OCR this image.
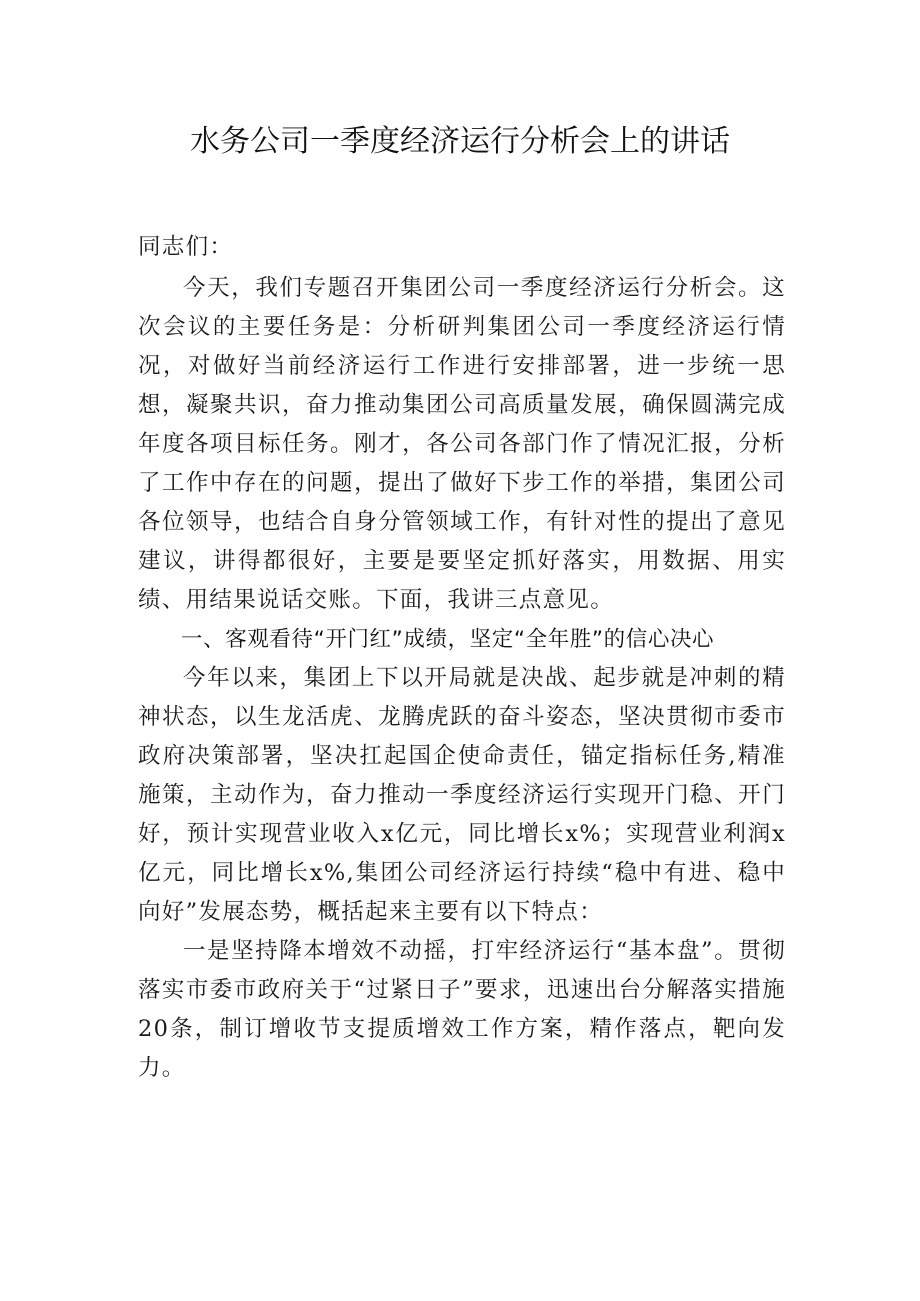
水务公司一季度经济运行分析会上的讲话

同志们：

今天，我们专题召开集团公司一季度经济运行分析会。这次会议的主要任务是：分析研判集团公司一季度经济运行情况，对做好当前经济运行工作进行安排部署，进一步统一思想，凝聚共识，奋力推动集团公司高质量发展，确保圆满完成年度各项目标任务。刚才，各公司各部门作了情况汇报，分析了工作中存在的问题，提出了做好下步工作的举措，集团公司各位领导，也结合自身分管领域工作，有针对性的提出了意见建议，讲得都很好，主要是要坚定抓好落实，用数据、用实绩、用结果说话交账。下面，我讲三点意见。

一、客观看待“开门红”成绩，坚定“全年胜”的信心决心

今年以来，集团上下以开局就是决战、起步就是冲刺的精神状态，以生龙活虎、龙腾虎跃的奋斗姿态，坚决贯彻市委市政府决策部署，坚决扛起国企使命责任，锚定指标任务,精准施策，主动作为，奋力推动一季度经济运行实现开门稳、开门好，预计实现营业收入x亿元，同比增长x%；实现营业利润x亿元，同比增长x%,集团公司经济运行持续“稳中有进、稳中向好”发展态势，概括起来主要有以下特点：

一是坚持降本增效不动摇，打牢经济运行“基本盘”。贯彻落实市委市政府关于“过紧日子”要求，迅速出台分解落实措施20条，制订增收节支提质增效工作方案，精作落点，靶向发力。
